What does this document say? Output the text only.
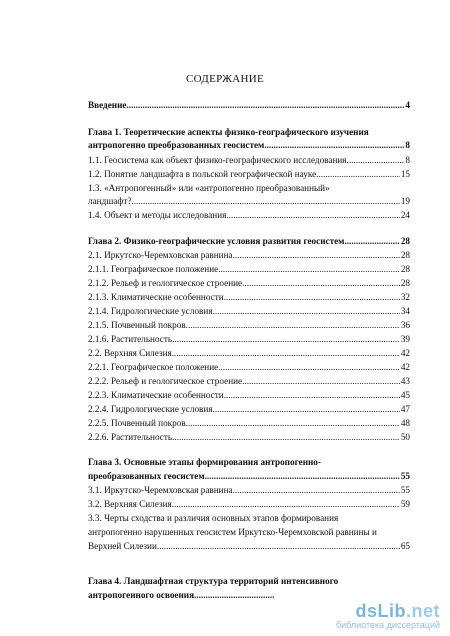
СОДЕРЖАНИЕ
Введение .....	4
Глава 1. Теоретические аспекты физико-географического изучения
антропогенно преобразованных геосистем .....	8
1.1. Геосистема как объект физико-географического исследования .....	8
1.2. Понятие ландшафта в польской географической науке .....	15
1.3. «Антропогенный» или «антропогенно преобразованный»
ландшафт? .....	19
1.4. Объект и методы исследования .....	24
Глава 2. Физико-географические условия развития геосистем .....	28
2.1. Иркутско-Черемховская равнина .....	28
2.1.1. Географическое положение .....	28
2.1.2. Рельеф и геологическое строение .....	28
2.1.3. Климатические особенности .....	32
2.1.4. Гидрологические условия .....	34
2.1.5. Почвенный покров .....	36
2.1.6. Растительность .....	39
2.2. Верхняя Силезия .....	42
2.2.1. Географическое положение .....	42
2.2.2. Рельеф и геологическое строение .....	43
2.2.3. Климатические особенности .....	45
2.2.4. Гидрологические условия .....	47
2.2.5. Почвенный покров .....	48
2.2.6. Растительность .....	50
Глава 3. Основные этапы формирования антропогенно-
преобразованных геосистем .....	55
3.1. Иркутско-Черемховская равнина .....	55
3.2. Верхняя Силезия .....	59
3.3. Черты сходства и различия основных этапов формирования
антропогенно нарушенных геосистем Иркутско-Черемховской равнины и
Верхней Силезии .....	65
Глава 4. Ландшафтная структура территорий интенсивного
антропогенного освоения
.....
dsLib.net
библиотека диссертаций
